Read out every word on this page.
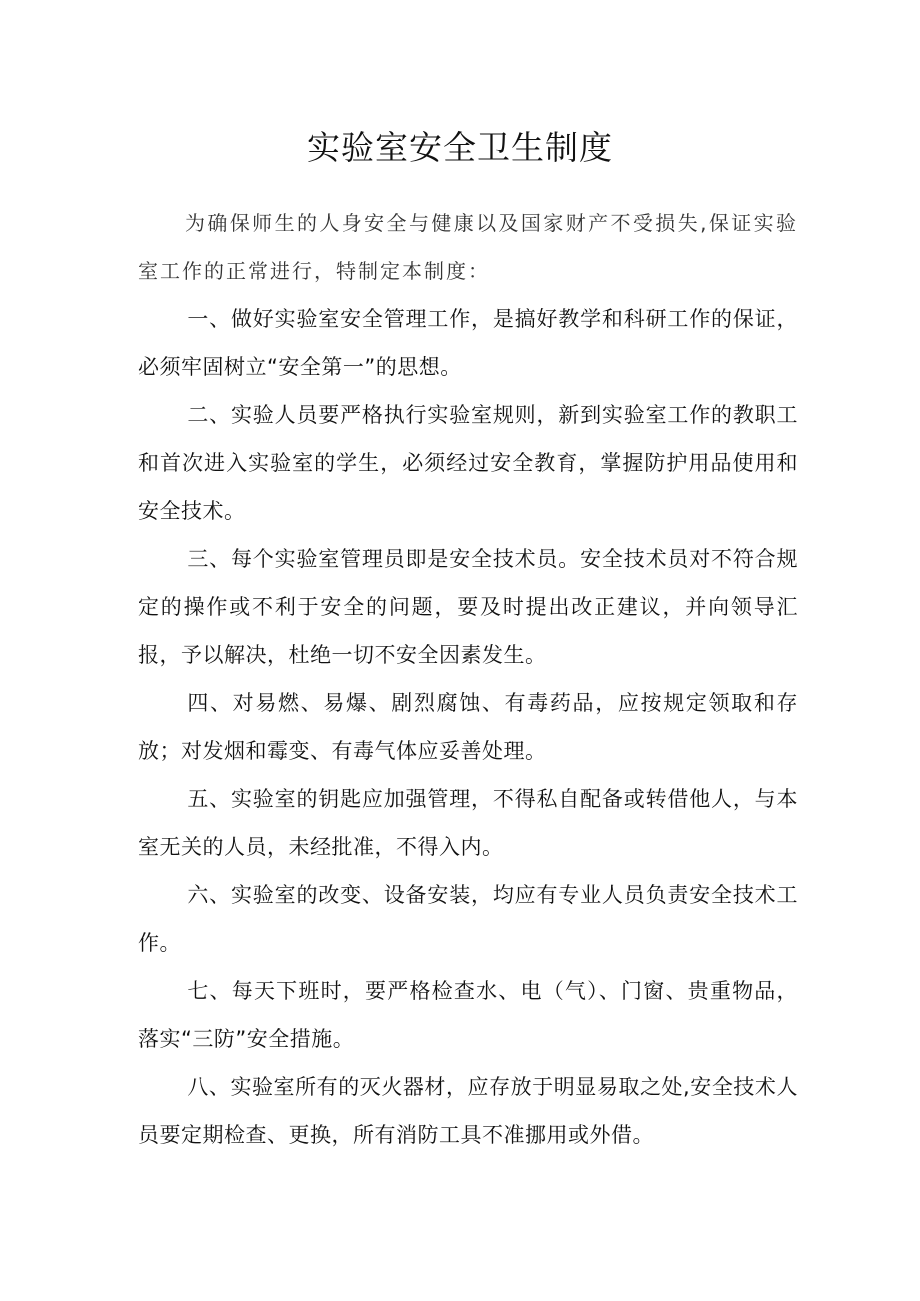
实验室安全卫生制度

为确保师生的人身安全与健康以及国家财产不受损失,保证实验室工作的正常进行，特制定本制度：

一、做好实验室安全管理工作，是搞好教学和科研工作的保证，必须牢固树立“安全第一”的思想。

二、实验人员要严格执行实验室规则，新到实验室工作的教职工和首次进入实验室的学生，必须经过安全教育，掌握防护用品使用和安全技术。

三、每个实验室管理员即是安全技术员。安全技术员对不符合规定的操作或不利于安全的问题，要及时提出改正建议，并向领导汇报，予以解决，杜绝一切不安全因素发生。

四、对易燃、易爆、剧烈腐蚀、有毒药品，应按规定领取和存放；对发烟和霉变、有毒气体应妥善处理。

五、实验室的钥匙应加强管理，不得私自配备或转借他人，与本室无关的人员，未经批准，不得入内。

六、实验室的改变、设备安装，均应有专业人员负责安全技术工作。

七、每天下班时，要严格检查水、电（气）、门窗、贵重物品，落实“三防”安全措施。

八、实验室所有的灭火器材，应存放于明显易取之处,安全技术人员要定期检查、更换，所有消防工具不准挪用或外借。
